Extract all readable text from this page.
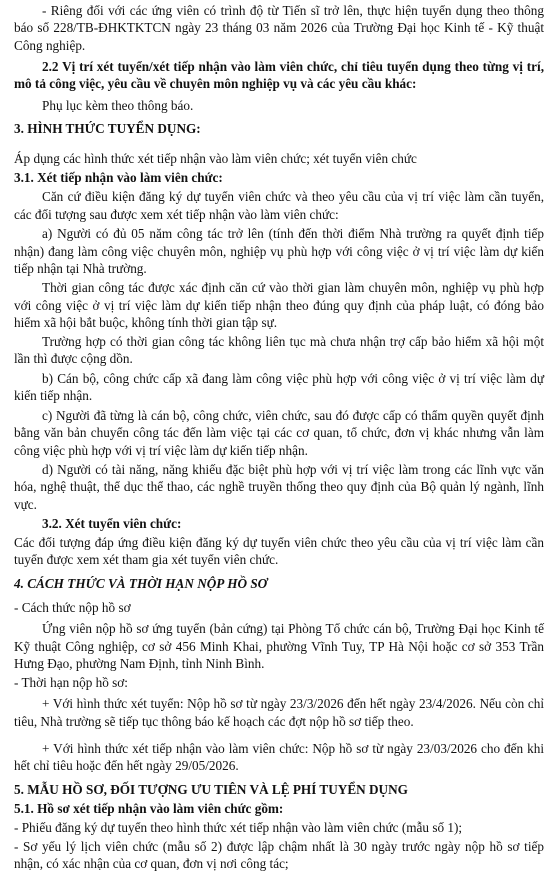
- Riêng đối với các ứng viên có trình độ từ Tiến sĩ trở lên, thực hiện tuyển dụng theo thông báo số 228/TB-ĐHKTKTCN ngày 23 tháng 03 năm 2026 của Trường Đại học Kinh tế - Kỹ thuật Công nghiệp.

2.2 Vị trí xét tuyển/xét tiếp nhận vào làm viên chức, chỉ tiêu tuyển dụng theo từng vị trí, mô tả công việc, yêu cầu về chuyên môn nghiệp vụ và các yêu cầu khác:

Phụ lục kèm theo thông báo.

3. HÌNH THỨC TUYỂN DỤNG:

Áp dụng các hình thức xét tiếp nhận vào làm viên chức; xét tuyển viên chức

3.1. Xét tiếp nhận vào làm viên chức:

Căn cứ điều kiện đăng ký dự tuyển viên chức và theo yêu cầu của vị trí việc làm cần tuyển, các đối tượng sau được xem xét tiếp nhận vào làm viên chức:

a) Người có đủ 05 năm công tác trở lên (tính đến thời điểm Nhà trường ra quyết định tiếp nhận) đang làm công việc chuyên môn, nghiệp vụ phù hợp với công việc ở vị trí việc làm dự kiến tiếp nhận tại Nhà trường.

Thời gian công tác được xác định căn cứ vào thời gian làm chuyên môn, nghiệp vụ phù hợp với công việc ở vị trí việc làm dự kiến tiếp nhận theo đúng quy định của pháp luật, có đóng bảo hiểm xã hội bắt buộc, không tính thời gian tập sự.

Trường hợp có thời gian công tác không liên tục mà chưa nhận trợ cấp bảo hiểm xã hội một lần thì được cộng dồn.

b) Cán bộ, công chức cấp xã đang làm công việc phù hợp với công việc ở vị trí việc làm dự kiến tiếp nhận.

c) Người đã từng là cán bộ, công chức, viên chức, sau đó được cấp có thẩm quyền quyết định bằng văn bản chuyển công tác đến làm việc tại các cơ quan, tổ chức, đơn vị khác nhưng vẫn làm công việc phù hợp với vị trí việc làm dự kiến tiếp nhận.

d) Người có tài năng, năng khiếu đặc biệt phù hợp với vị trí việc làm trong các lĩnh vực văn hóa, nghệ thuật, thể dục thể thao, các nghề truyền thống theo quy định của Bộ quản lý ngành, lĩnh vực.

3.2. Xét tuyển viên chức:

Các đối tượng đáp ứng điều kiện đăng ký dự tuyển viên chức theo yêu cầu của vị trí việc làm cần tuyển được xem xét tham gia xét tuyển viên chức.

4. CÁCH THỨC VÀ THỜI HẠN NỘP HỒ SƠ

- Cách thức nộp hồ sơ

Ứng viên nộp hồ sơ ứng tuyển (bản cứng) tại Phòng Tổ chức cán bộ, Trường Đại học Kinh tế Kỹ thuật Công nghiệp, cơ sở 456 Minh Khai, phường Vĩnh Tuy, TP Hà Nội hoặc cơ sở 353 Trần Hưng Đạo, phường Nam Định, tỉnh Ninh Bình.

- Thời hạn nộp hồ sơ:

+ Với hình thức xét tuyển: Nộp hồ sơ từ ngày 23/3/2026 đến hết ngày 23/4/2026. Nếu còn chỉ tiêu, Nhà trường sẽ tiếp tục thông báo kế hoạch các đợt nộp hồ sơ tiếp theo.

+ Với hình thức xét tiếp nhận vào làm viên chức: Nộp hồ sơ từ ngày 23/03/2026 cho đến khi hết chỉ tiêu hoặc đến hết ngày 29/05/2026.

5. MẪU HỒ SƠ, ĐỐI TƯỢNG ƯU TIÊN VÀ LỆ PHÍ TUYỂN DỤNG

5.1. Hồ sơ xét tiếp nhận vào làm viên chức gồm:

- Phiếu đăng ký dự tuyển theo hình thức xét tiếp nhận vào làm viên chức (mẫu số 1);

- Sơ yếu lý lịch viên chức (mẫu số 2) được lập chậm nhất là 30 ngày trước ngày nộp hồ sơ tiếp nhận, có xác nhận của cơ quan, đơn vị nơi công tác;
